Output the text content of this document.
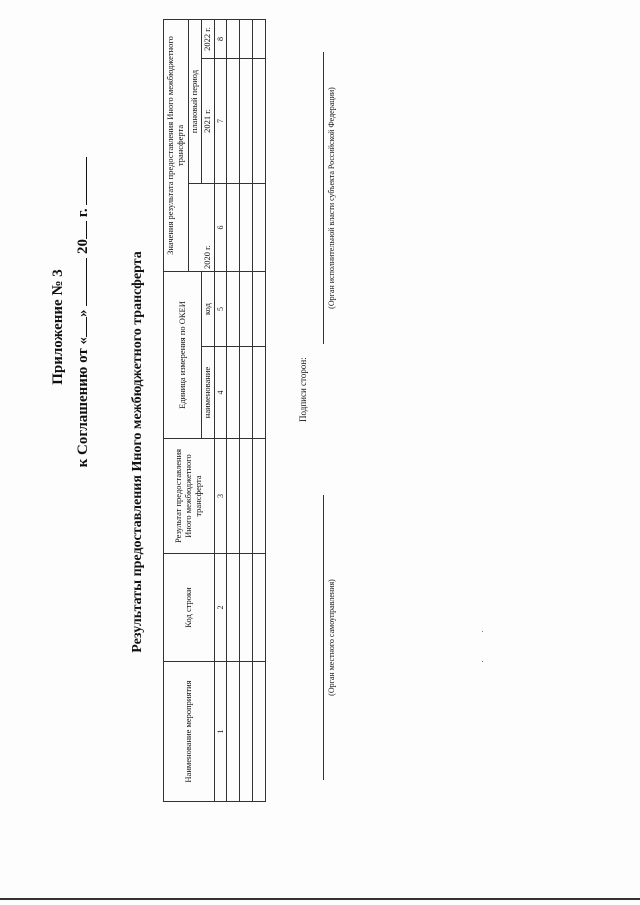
Приложение № 3

к Соглашению от «»  20 г.

Результаты предоставления Иного межбюджетного трансферта

Наименование мероприятия	Код строки	Результат предоставления Иного межбюджетного трансферта	Единица измерения по ОКЕИ		Значения результата предоставления Иного межбюджетного трансферта		
						плановый период	
			наименование	код	2020 г.	2021 г.	2022 г.
1	2	3	4	5	6	7	8

Подписи сторон:
(Орган местного самоуправления)
(Орган исполнительной власти субъекта Российской Федерации)
